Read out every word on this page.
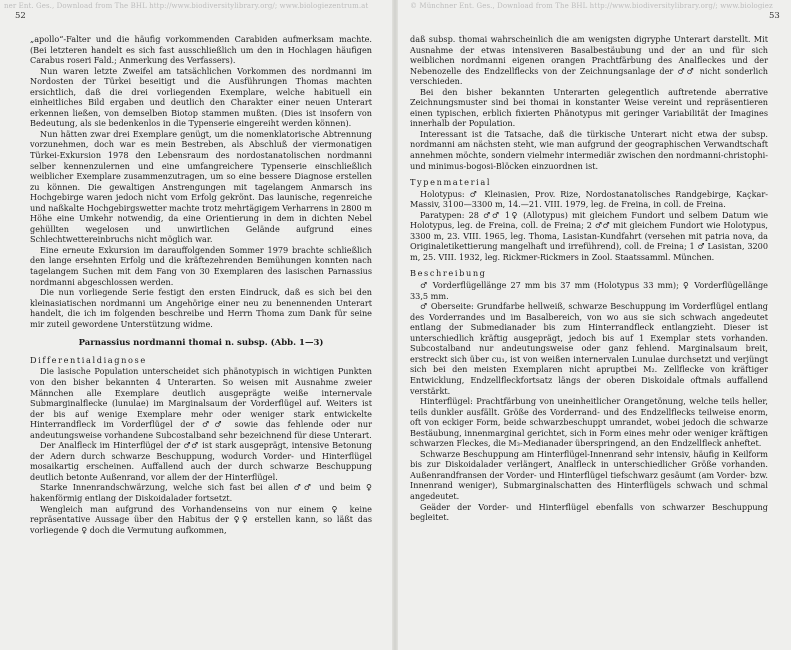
ner Ent. Ges., Download from The BHL http://www.biodiversitylibrary.org/; www.biologiezentrum.at
52

„apollo“-Falter und die häufig vorkommenden Carabiden aufmerksam machte. (Bei letzteren handelt es sich fast ausschließlich um den in Hochlagen häufigen Carabus roseri Fald.; Anmerkung des Verfassers).

Nun waren letzte Zweifel am tatsächlichen Vorkommen des nordmanni im Nordosten der Türkei beseitigt und die Ausführungen Thomas machten ersichtlich, daß die drei vorliegenden Exemplare, welche habituell ein einheitliches Bild ergaben und deutlich den Charakter einer neuen Unterart erkennen ließen, von demselben Biotop stammen mußten. (Dies ist insofern von Bedeutung, als sie bedenkenlos in die Typenserie eingereiht werden können).

Nun hätten zwar drei Exemplare genügt, um die nomenklatorische Abtrennung vorzunehmen, doch war es mein Bestreben, als Abschluß der viermonatigen Türkei-Exkursion 1978 den Lebensraum des nordostanatolischen nordmanni selber kennenzulernen und eine umfangreichere Typenserie einschließlich weiblicher Exemplare zusammenzutragen, um so eine bessere Diagnose erstellen zu können. Die gewaltigen Anstrengungen mit tagelangem Anmarsch ins Hochgebirge waren jedoch nicht vom Erfolg gekrönt. Das launische, regenreiche und naßkalte Hochgebirgswetter machte trotz mehrtägigem Verharrens in 2800 m Höhe eine Umkehr notwendig, da eine Orientierung in dem in dichten Nebel gehüllten wegelosen und unwirtlichen Gelände aufgrund eines Schlechtwettereinbruchs nicht möglich war.

Eine erneute Exkursion im darauffolgenden Sommer 1979 brachte schließlich den lange ersehnten Erfolg und die kräftezehrenden Bemühungen konnten nach tagelangem Suchen mit dem Fang von 30 Exemplaren des lasischen Parnassius nordmanni abgeschlossen werden.

Die nun vorliegende Serie festigt den ersten Eindruck, daß es sich bei den kleinasiatischen nordmanni um Angehörige einer neu zu benennenden Unterart handelt, die ich im folgenden beschreibe und Herrn Thoma zum Dank für seine mir zuteil gewordene Unterstützung widme.

Parnassius nordmanni thomai n. subsp. (Abb. 1—3)
Differentialdiagnose

Die lasische Population unterscheidet sich phänotypisch in wichtigen Punkten von den bisher bekannten 4 Unterarten. So weisen mit Ausnahme zweier Männchen alle Exemplare deutlich ausgeprägte weiße internervale Submarginalflecke (lunulae) im Marginalsaum der Vorderflügel auf. Weiters ist der bis auf wenige Exemplare mehr oder weniger stark entwickelte Hinterrandfleck im Vorderflügel der ♂♂ sowie das fehlende oder nur andeutungsweise vorhandene Subcostalband sehr bezeichnend für diese Unterart.

Der Analfleck im Hinterflügel der ♂♂ ist stark ausgeprägt, intensive Betonung der Adern durch schwarze Beschuppung, wodurch Vorder- und Hinterflügel mosaikartig erscheinen. Auffallend auch der durch schwarze Beschuppung deutlich betonte Außenrand, vor allem der der Hinterflügel.

Starke Innenrandschwärzung, welche sich fast bei allen ♂♂ und beim ♀ hakenförmig entlang der Diskoidalader fortsetzt.

Wengleich man aufgrund des Vorhandenseins von nur einem ♀ keine repräsentative Aussage über den Habitus der ♀♀ erstellen kann, so läßt das vorliegende ♀ doch die Vermutung aufkommen,

© Münchner Ent. Ges., Download from The BHL http://www.biodiversitylibrary.org/; www.biologiez
53

daß subsp. thomai wahrscheinlich die am wenigsten digryphe Unterart darstellt. Mit Ausnahme der etwas intensiveren Basalbestäubung und der an und für sich weiblichen nordmanni eigenen orangen Prachtfärbung des Analfleckes und der Nebenozelle des Endzellflecks von der Zeichnungsanlage der ♂♂ nicht sonderlich verschieden.

Bei den bisher bekannten Unterarten gelegentlich auftretende aberrative Zeichnungsmuster sind bei thomai in konstanter Weise vereint und repräsentieren einen typischen, erblich fixierten Phänotypus mit geringer Variabilität der Imagines innerhalb der Population.

Interessant ist die Tatsache, daß die türkische Unterart nicht etwa der subsp. nordmanni am nächsten steht, wie man aufgrund der geographischen Verwandtschaft annehmen möchte, sondern vielmehr intermediär zwischen den nordmanni-christophi- und minimus-bogosi-Blöcken einzuordnen ist.

Typenmaterial

Holotypus: ♂ Kleinasien, Prov. Rize, Nordostanatolisches Randgebirge, Kaçkar-Massiv, 3100—3300 m, 14.—21. VIII. 1979, leg. de Freina, in coll. de Freina.

Paratypen: 28 ♂♂ 1♀ (Allotypus) mit gleichem Fundort und selbem Datum wie Holotypus, leg. de Freina, coll. de Freina; 2 ♂♂ mit gleichem Fundort wie Holotypus, 3300 m, 23. VIII. 1965, leg. Thoma, Lasistan-Kundfahrt (versehen mit patria nova, da Originaletikettierung mangelhaft und irreführend), coll. de Freina; 1 ♂ Lasistan, 3200 m, 25. VIII. 1932, leg. Rickmer-Rickmers in Zool. Staatssamml. München.

Beschreibung

♂ Vorderflügellänge 27 mm bis 37 mm (Holotypus 33 mm); ♀ Vorderflügellänge 33,5 mm.

♂ Oberseite: Grundfarbe hellweiß, schwarze Beschuppung im Vorderflügel entlang des Vorderrandes und im Basalbereich, von wo aus sie sich schwach angedeutet entlang der Submedianader bis zum Hinterrandfleck entlangzieht. Dieser ist unterschiedlich kräftig ausgeprägt, jedoch bis auf 1 Exemplar stets vorhanden. Subcostalband nur andeutungsweise oder ganz fehlend. Marginalsaum breit, erstreckt sich über cu₁, ist von weißen internervalen Lunulae durchsetzt und verjüngt sich bei den meisten Exemplaren nicht apruptbei M₂. Zellflecke von kräftiger Entwicklung, Endzellfleckfortsatz längs der oberen Diskoidale oftmals auffallend verstärkt.

Hinterflügel: Prachtfärbung von uneinheitlicher Orangetönung, welche teils heller, teils dunkler ausfällt. Größe des Vorderrand- und des Endzellflecks teilweise enorm, oft von eckiger Form, beide schwarzbeschuppt umrandet, wobei jedoch die schwarze Bestäubung, innenmarginal gerichtet, sich in Form eines mehr oder weniger kräftigen schwarzen Fleckes, die M₃-Medianader überspringend, an den Endzellfleck anheftet.

Schwarze Beschuppung am Hinterflügel-Innenrand sehr intensiv, häufig in Keilform bis zur Diskoidalader verlängert, Analfleck in unterschiedlicher Größe vorhanden. Außenrandfransen der Vorder- und Hinterflügel tiefschwarz gesäumt (am Vorder- bzw. Innenrand weniger), Submarginalschatten des Hinterflügels schwach und schmal angedeutet.

Geäder der Vorder- und Hinterflügel ebenfalls von schwarzer Beschuppung begleitet.
